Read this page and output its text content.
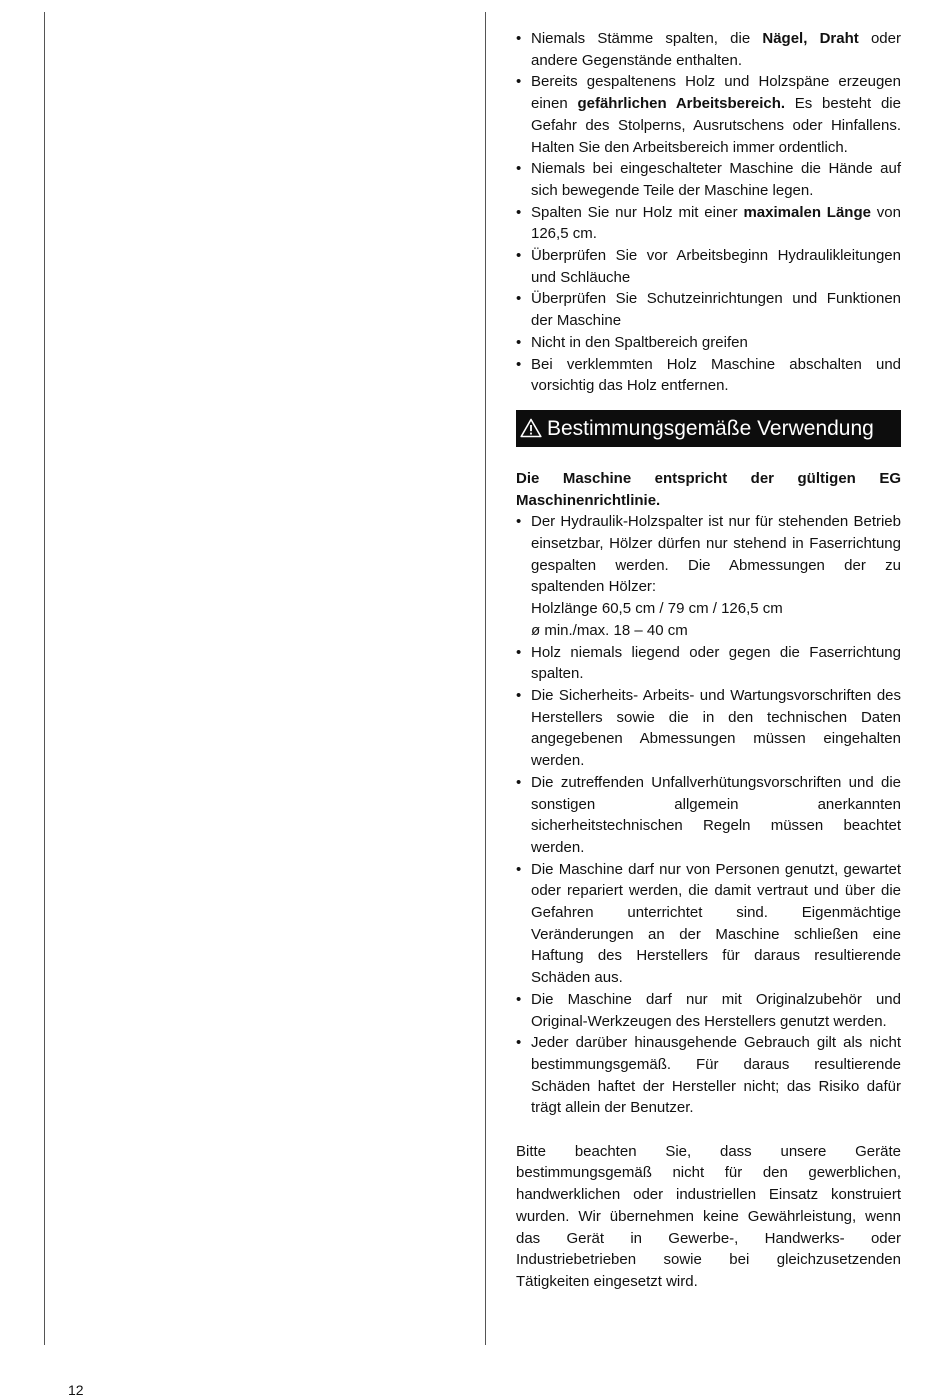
• Niemals Stämme spalten, die Nägel, Draht oder andere Gegenstände enthalten.
• Bereits gespaltenens Holz und Holzspäne erzeugen einen gefährlichen Arbeitsbereich. Es besteht die Gefahr des Stolperns, Ausrutschens oder Hinfallens. Halten Sie den Arbeitsbereich immer ordentlich.
• Niemals bei eingeschalteter Maschine die Hände auf sich bewegende Teile der Maschine legen.
• Spalten Sie nur Holz mit einer maximalen Länge von 126,5 cm.
• Überprüfen Sie vor Arbeitsbeginn Hydraulikleitungen und Schläuche
• Überprüfen Sie Schutzeinrichtungen und Funktionen der Maschine
• Nicht in den Spaltbereich greifen
• Bei verklemmten Holz Maschine abschalten und vorsichtig das Holz entfernen.
Bestimmungsgemäße Verwendung
Die Maschine entspricht der gültigen EG Maschinenrichtlinie.
• Der Hydraulik-Holzspalter ist nur für stehenden Betrieb einsetzbar, Hölzer dürfen nur stehend in Faserrichtung gespalten werden. Die Abmessungen der zu spaltenden Hölzer:
Holzlänge 60,5 cm / 79 cm / 126,5 cm
ø min./max. 18 – 40 cm
• Holz niemals liegend oder gegen die Faserrichtung spalten.
• Die Sicherheits- Arbeits- und Wartungsvorschriften des Herstellers sowie die in den technischen Daten angegebenen Abmessungen müssen eingehalten werden.
• Die zutreffenden Unfallverhütungsvorschriften und die sonstigen allgemein anerkannten sicherheitstechnischen Regeln müssen beachtet werden.
• Die Maschine darf nur von Personen genutzt, gewartet oder repariert werden, die damit vertraut und über die Gefahren unterrichtet sind. Eigenmächtige Veränderungen an der Maschine schließen eine Haftung des Herstellers für daraus resultierende Schäden aus.
• Die Maschine darf nur mit Originalzubehör und Original-Werkzeugen des Herstellers genutzt werden.
• Jeder darüber hinausgehende Gebrauch gilt als nicht bestimmungsgemäß. Für daraus resultierende Schäden haftet der Hersteller nicht; das Risiko dafür trägt allein der Benutzer.

Bitte beachten Sie, dass unsere Geräte bestimmungsgemäß nicht für den gewerblichen, handwerklichen oder industriellen Einsatz konstruiert wurden. Wir übernehmen keine Gewährleistung, wenn das Gerät in Gewerbe-, Handwerks- oder Industriebetrieben sowie bei gleichzusetzenden Tätigkeiten eingesetzt wird.

12
